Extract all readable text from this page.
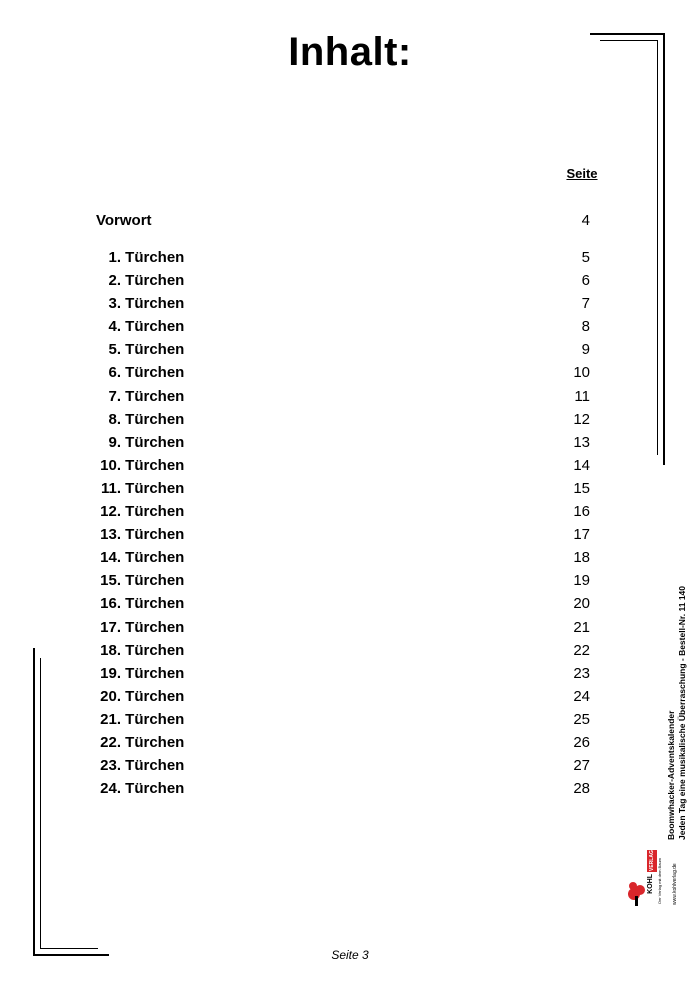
Inhalt:
Seite
Vorwort	4
1. Türchen	5
2. Türchen	6
3. Türchen	7
4. Türchen	8
5. Türchen	9
6. Türchen	10
7. Türchen	11
8. Türchen	12
9. Türchen	13
10. Türchen	14
11. Türchen	15
12. Türchen	16
13. Türchen	17
14. Türchen	18
15. Türchen	19
16. Türchen	20
17. Türchen	21
18. Türchen	22
19. Türchen	23
20. Türchen	24
21. Türchen	25
22. Türchen	26
23. Türchen	27
24. Türchen	28	Boomwhacker-Adventskalender Jeden Tag eine musikalische Überraschung - Bestell-Nr. 11 140
VERLAG
KOHL Der Verlag mit dem Baum www.kohlverlag.de
Seite 3
